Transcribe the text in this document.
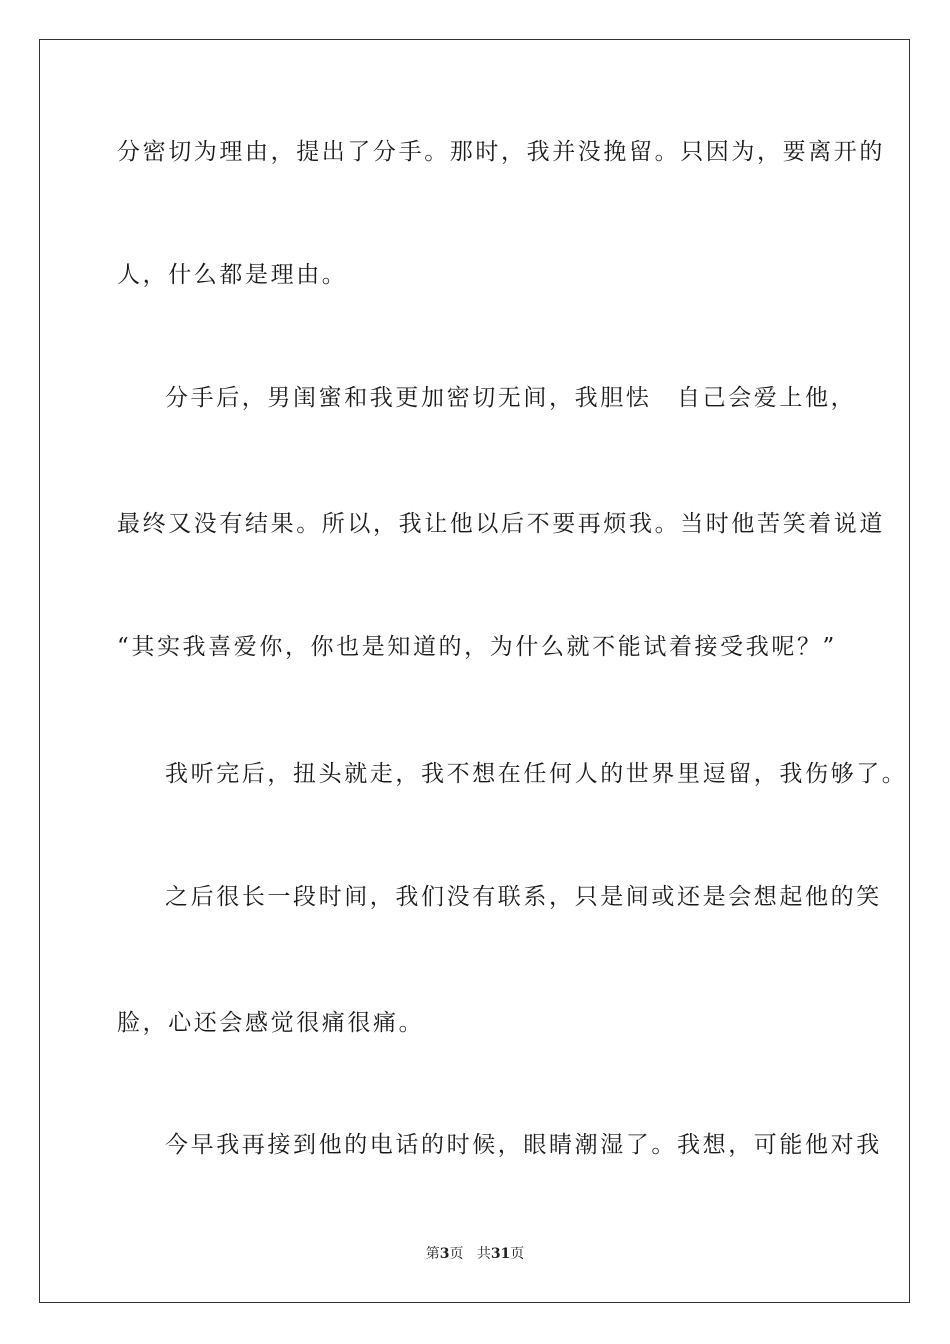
分密切为理由，提出了分手。那时，我并没挽留。只因为，要离开的
人，什么都是理由。
分手后，男闺蜜和我更加密切无间，我胆怯　自己会爱上他，
最终又没有结果。所以，我让他以后不要再烦我。当时他苦笑着说道
“其实我喜爱你，你也是知道的，为什么就不能试着接受我呢？”
我听完后，扭头就走，我不想在任何人的世界里逗留，我伤够了。
之后很长一段时间，我们没有联系，只是间或还是会想起他的笑
脸，心还会感觉很痛很痛。
今早我再接到他的电话的时候，眼睛潮湿了。我想，可能他对我
第3页 共31页
